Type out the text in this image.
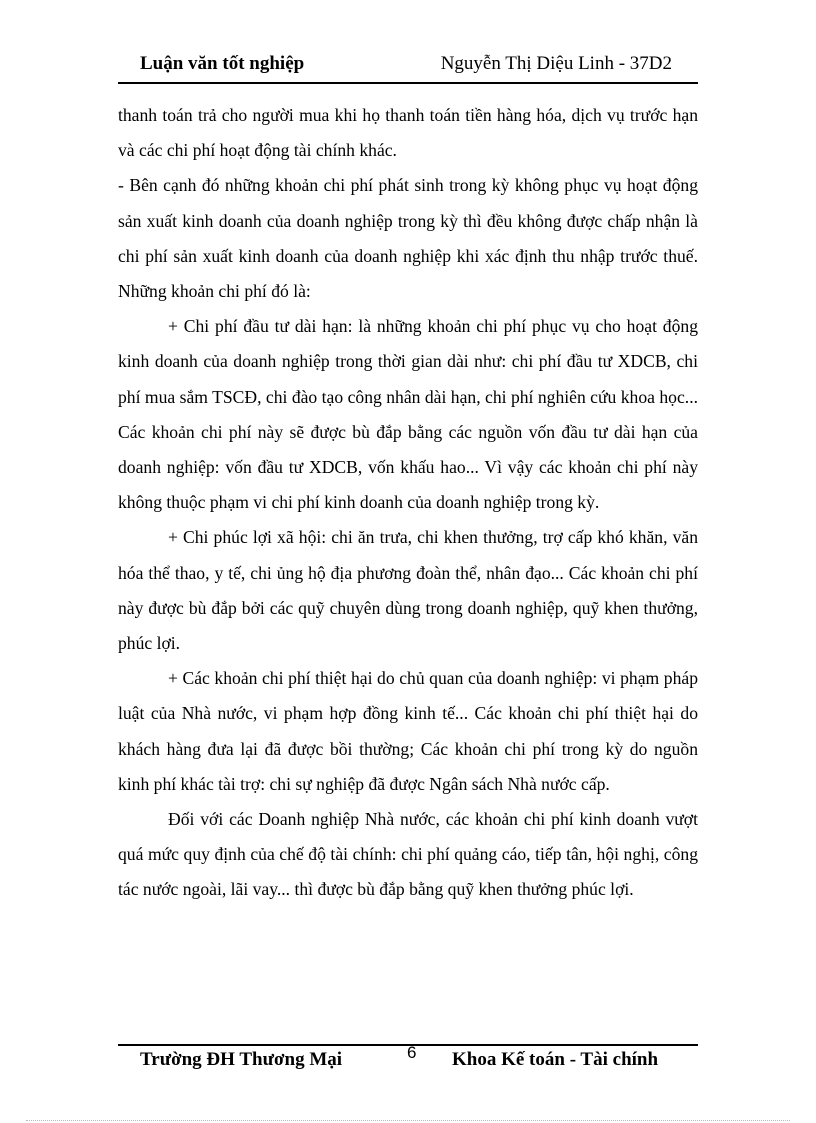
Luận văn tốt nghiệp	Nguyễn Thị Diệu Linh - 37D2

thanh toán trả cho người mua khi họ thanh toán tiền hàng hóa, dịch vụ trước hạn và các chi phí hoạt động tài chính khác.

- Bên cạnh đó những khoản chi phí phát sinh trong kỳ không phục vụ hoạt động sản xuất kinh doanh của doanh nghiệp trong kỳ thì đều không được chấp nhận là chi phí sản xuất kinh doanh của doanh nghiệp khi xác định thu nhập trước thuế. Những khoản chi phí đó là:

+ Chi phí đầu tư dài hạn: là những khoản chi phí phục vụ cho hoạt động kinh doanh của doanh nghiệp trong thời gian dài như: chi phí đầu tư XDCB, chi phí mua sắm TSCĐ, chi đào tạo công nhân dài hạn, chi phí nghiên cứu khoa học... Các khoản chi phí này sẽ được bù đắp bằng các nguồn vốn đầu tư dài hạn của doanh nghiệp: vốn đầu tư XDCB, vốn khấu hao... Vì vậy các khoản chi phí này không thuộc phạm vi chi phí kinh doanh của doanh nghiệp trong kỳ.

+ Chi phúc lợi xã hội: chi ăn trưa, chi khen thưởng, trợ cấp khó khăn, văn hóa thể thao, y tế, chi ủng hộ địa phương đoàn thể, nhân đạo... Các khoản chi phí này được bù đắp bởi các quỹ chuyên dùng trong doanh nghiệp, quỹ khen thưởng, phúc lợi.

+ Các khoản chi phí thiệt hại do chủ quan của doanh nghiệp: vi phạm pháp luật của Nhà nước, vi phạm hợp đồng kinh tế... Các khoản chi phí thiệt hại do khách hàng đưa lại đã được bồi thường; Các khoản chi phí trong kỳ do nguồn kinh phí khác tài trợ: chi sự nghiệp đã được Ngân sách Nhà nước cấp.

Đối với các Doanh nghiệp Nhà nước, các khoản chi phí kinh doanh vượt quá mức quy định của chế độ tài chính: chi phí quảng cáo, tiếp tân, hội nghị, công tác nước ngoài, lãi vay... thì được bù đắp bằng quỹ khen thưởng phúc lợi.

Trường ĐH Thương Mại	6 Khoa Kế toán - Tài chính
